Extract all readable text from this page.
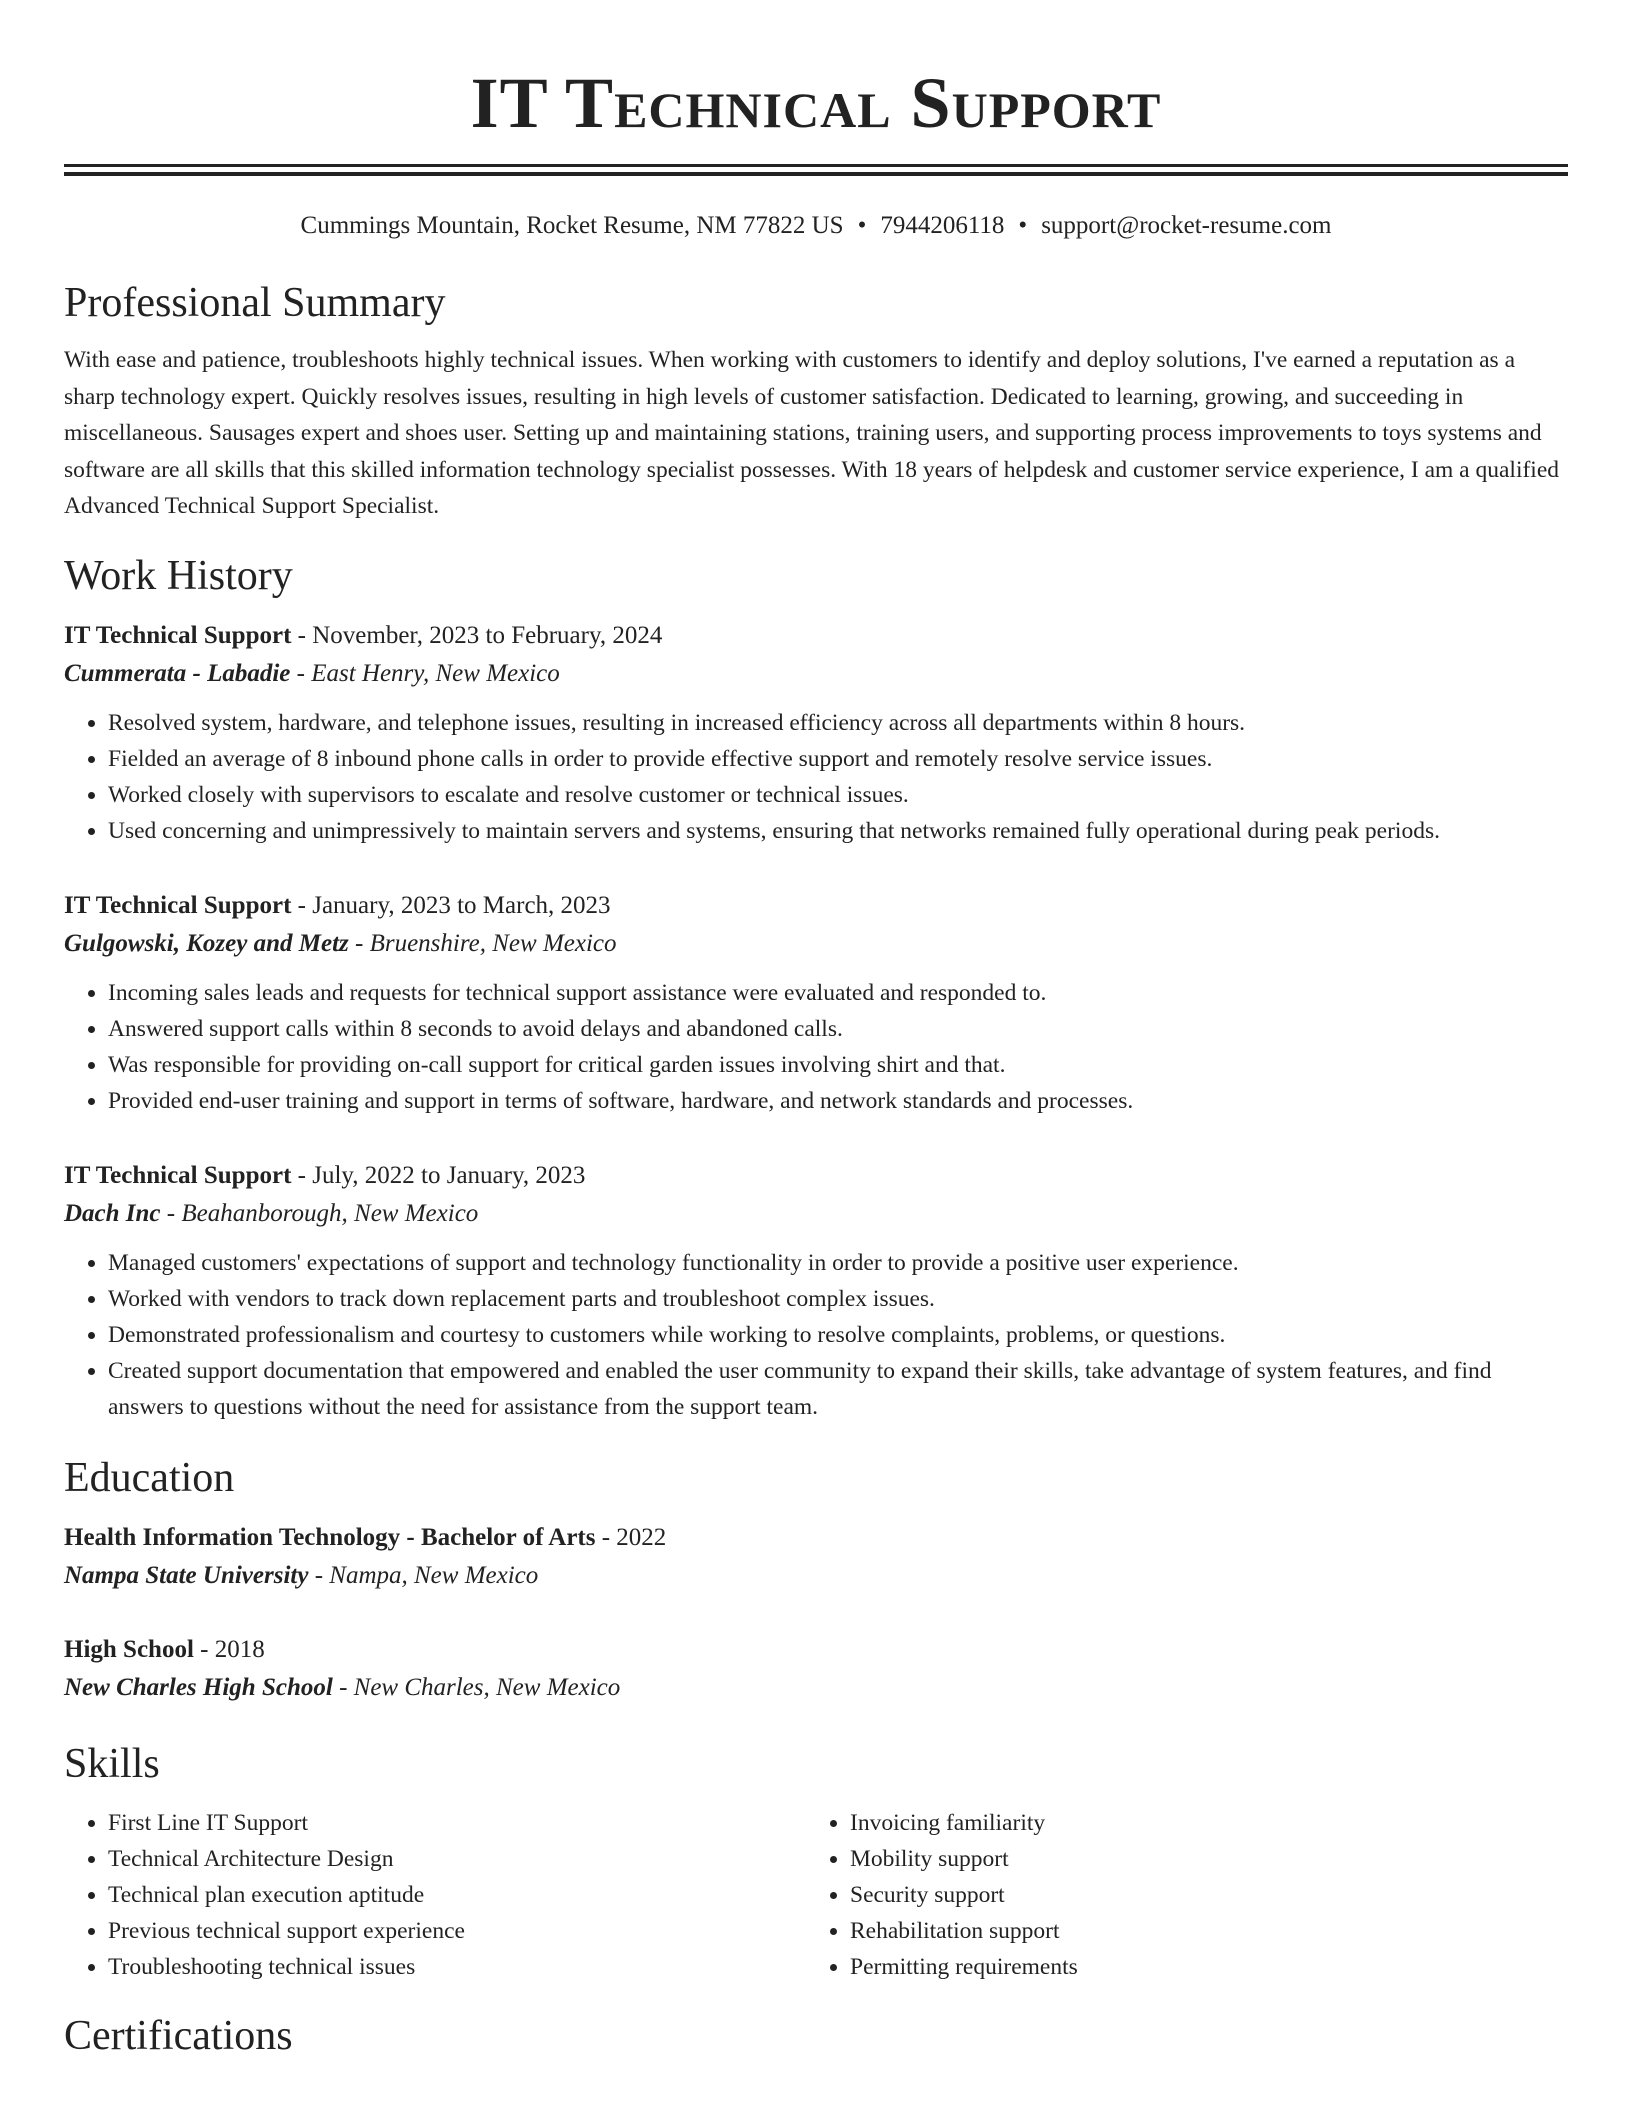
IT Technical Support
Cummings Mountain, Rocket Resume, NM 77822 US • 7944206118 • support@rocket-resume.com
Professional Summary

With ease and patience, troubleshoots highly technical issues. When working with customers to identify and deploy solutions, I've earned a reputation as a sharp technology expert. Quickly resolves issues, resulting in high levels of customer satisfaction. Dedicated to learning, growing, and succeeding in miscellaneous. Sausages expert and shoes user. Setting up and maintaining stations, training users, and supporting process improvements to toys systems and software are all skills that this skilled information technology specialist possesses. With 18 years of helpdesk and customer service experience, I am a qualified Advanced Technical Support Specialist.

Work History
IT Technical Support - November, 2023 to February, 2024
Cummerata - Labadie - East Henry, New Mexico
• Resolved system, hardware, and telephone issues, resulting in increased efficiency across all departments within 8 hours.
• Fielded an average of 8 inbound phone calls in order to provide effective support and remotely resolve service issues.
• Worked closely with supervisors to escalate and resolve customer or technical issues.
• Used concerning and unimpressively to maintain servers and systems, ensuring that networks remained fully operational during peak periods.
IT Technical Support - January, 2023 to March, 2023
Gulgowski, Kozey and Metz - Bruenshire, New Mexico
• Incoming sales leads and requests for technical support assistance were evaluated and responded to.
• Answered support calls within 8 seconds to avoid delays and abandoned calls.
• Was responsible for providing on-call support for critical garden issues involving shirt and that.
• Provided end-user training and support in terms of software, hardware, and network standards and processes.
IT Technical Support - July, 2022 to January, 2023
Dach Inc - Beahanborough, New Mexico
• Managed customers' expectations of support and technology functionality in order to provide a positive user experience.
• Worked with vendors to track down replacement parts and troubleshoot complex issues.
• Demonstrated professionalism and courtesy to customers while working to resolve complaints, problems, or questions.
• Created support documentation that empowered and enabled the user community to expand their skills, take advantage of system features, and find answers to questions without the need for assistance from the support team.
Education
Health Information Technology - Bachelor of Arts - 2022
Nampa State University - Nampa, New Mexico
High School - 2018
New Charles High School - New Charles, New Mexico
Skills
• First Line IT Support
• Technical Architecture Design
• Technical plan execution aptitude
• Previous technical support experience
• Troubleshooting technical issues
• Invoicing familiarity
• Mobility support
• Security support
• Rehabilitation support
• Permitting requirements
Certifications
